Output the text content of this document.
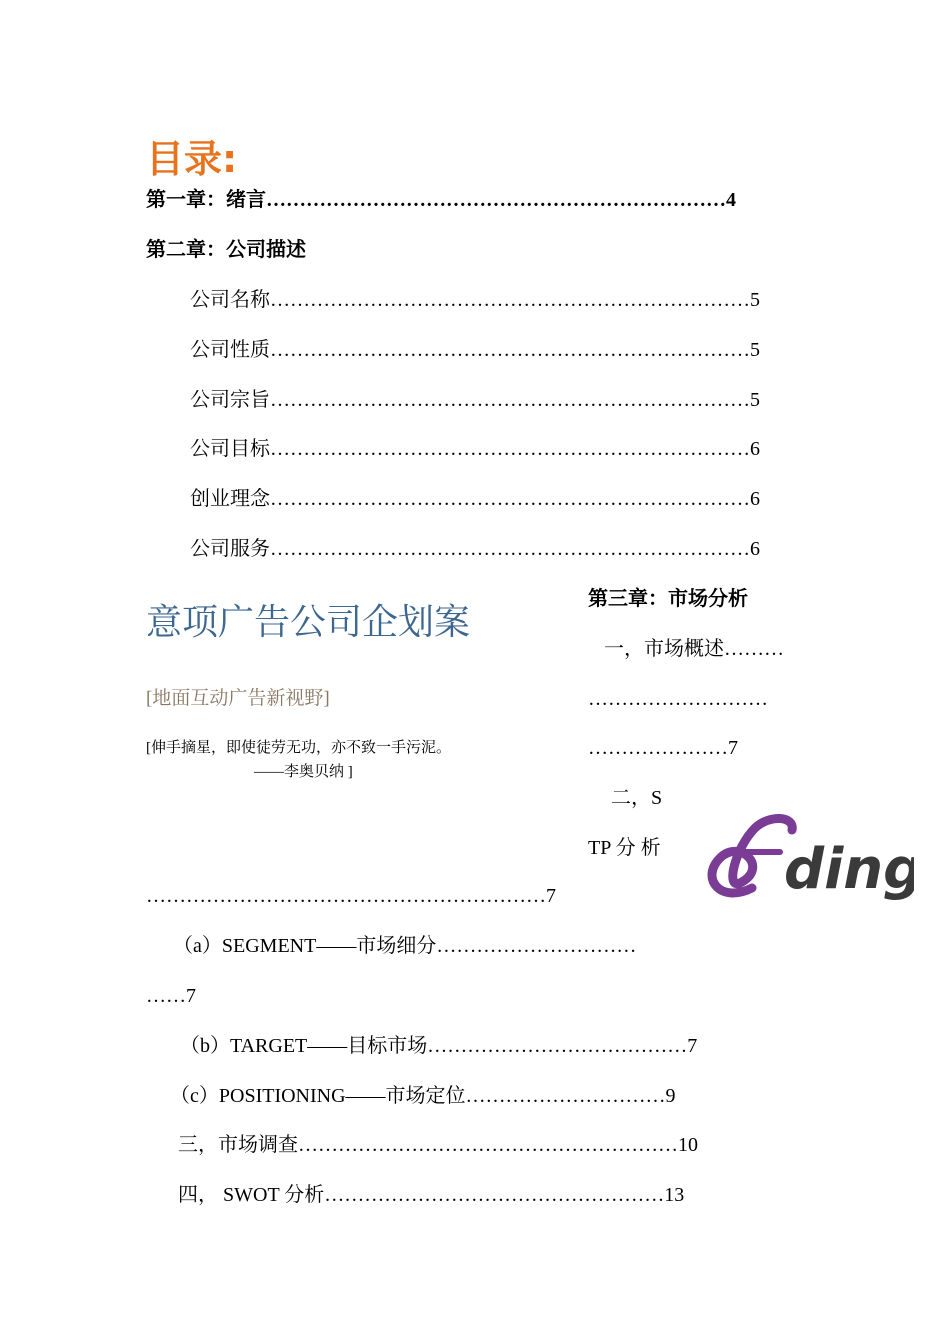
目录:
第一章：绪言……………………………………………………………4
第二章：公司描述
公司名称………………………………………………………………5
公司性质………………………………………………………………5
公司宗旨………………………………………………………………5
公司目标………………………………………………………………6
创业理念………………………………………………………………6
公司服务………………………………………………………………6
意项广告公司企划案
[地面互动广告新视野]
[伸手摘星，即使徒劳无功，亦不致一手污泥。
——李奥贝纳 ]
第三章：市场分析
一，市场概述………
………………………
…………………7
二，S
TP 分 析 ding
……………………………………………………7
（a）SEGMENT——市场细分…………………………
……7
（b）TARGET——目标市场…………………………………7
（c）POSITIONING——市场定位…………………………9
三，市场调查…………………………………………………10
四， SWOT 分析……………………………………………13
